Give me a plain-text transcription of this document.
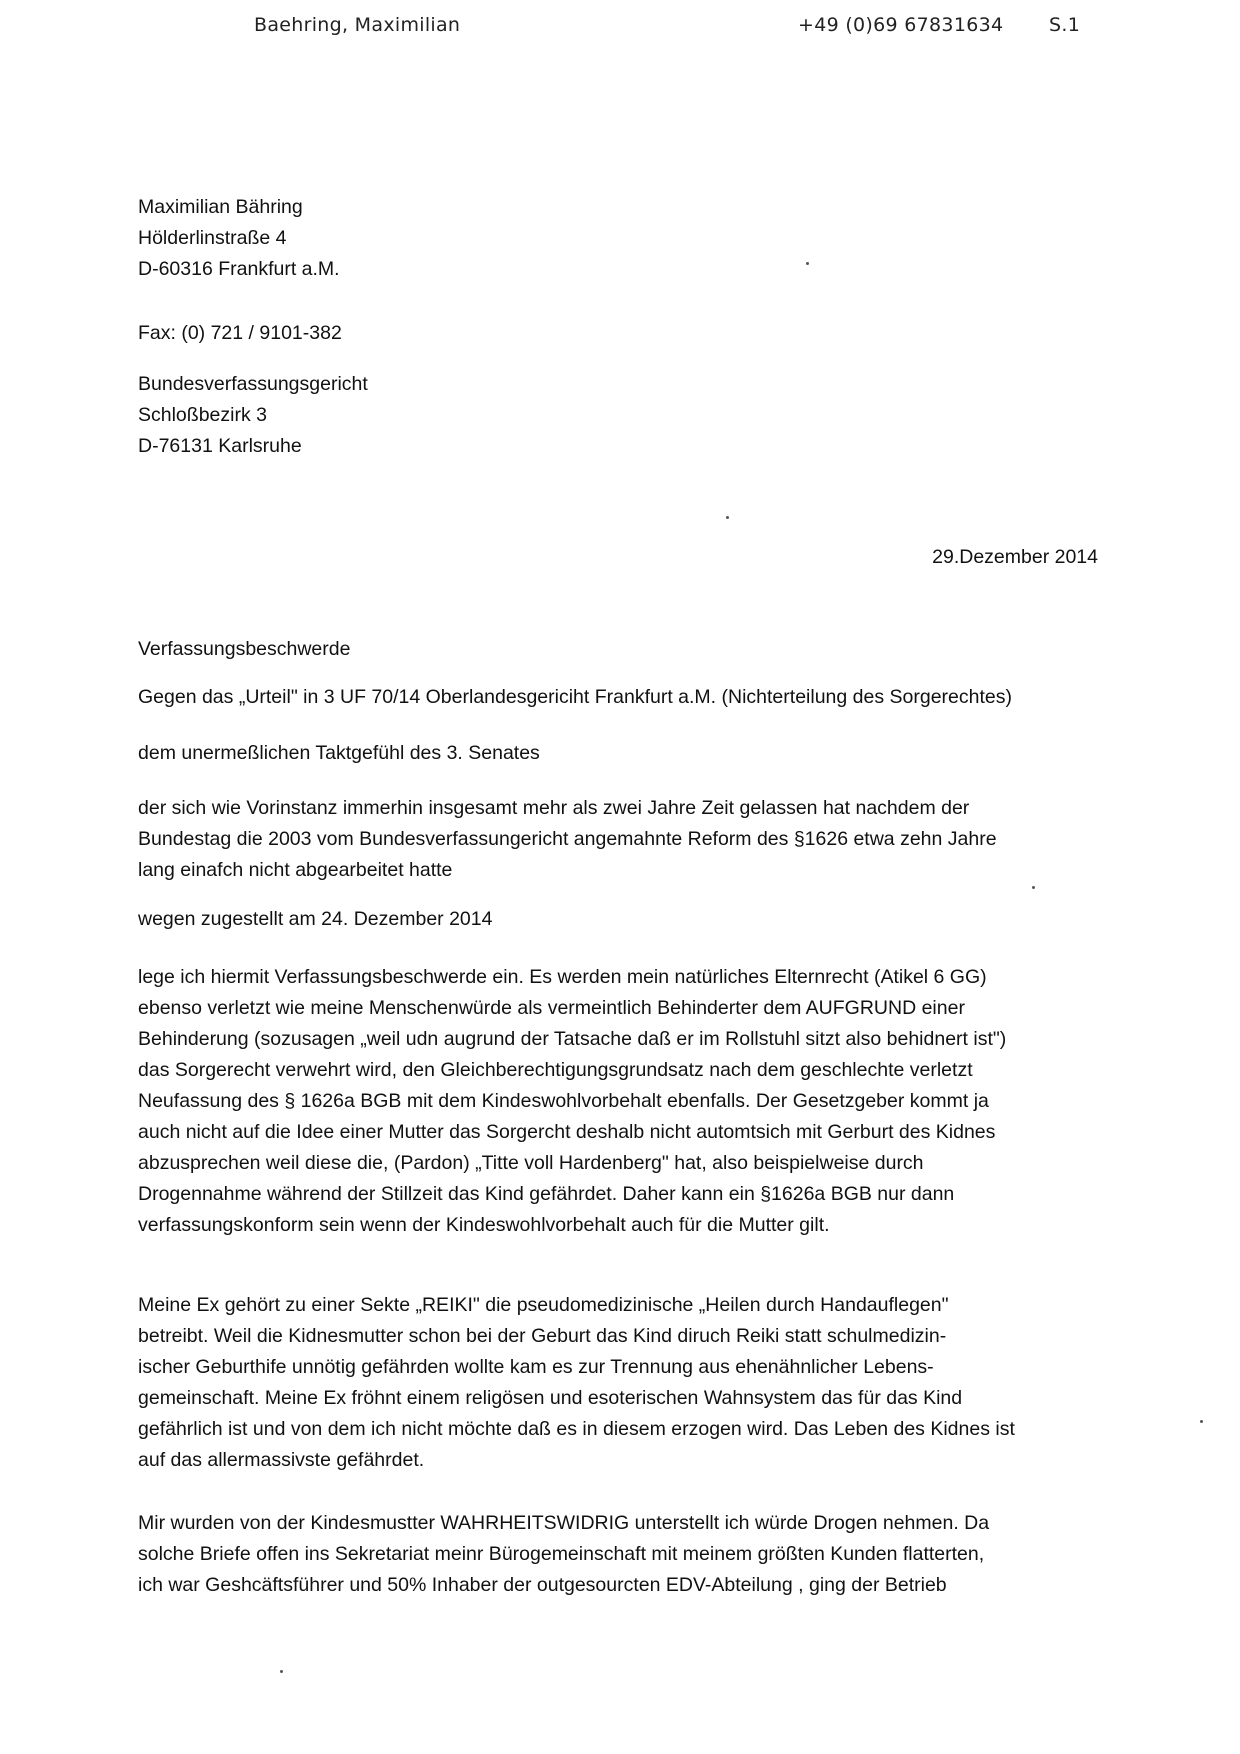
Baehring, Maximilian	+49 (0)69 67831634 S.1
Maximilian Bähring
Hölderlinstraße 4
D-60316 Frankfurt a.M.
Fax: (0) 721 / 9101-382
Bundesverfassungsgericht
Schloßbezirk 3
D-76131 Karlsruhe
29.Dezember 2014
Verfassungsbeschwerde
Gegen das „Urteil" in 3 UF 70/14 Oberlandesgericiht Frankfurt a.M. (Nichterteilung des Sorgerechtes)
dem unermeßlichen Taktgefühl des 3. Senates
der sich wie Vorinstanz immerhin insgesamt mehr als zwei Jahre Zeit gelassen hat nachdem der
Bundestag die 2003 vom Bundesverfassungericht angemahnte Reform des §1626 etwa zehn Jahre
lang einafch nicht abgearbeitet hatte
wegen zugestellt am 24. Dezember 2014
lege ich hiermit Verfassungsbeschwerde ein. Es werden mein natürliches Elternrecht (Atikel 6 GG)
ebenso verletzt wie meine Menschenwürde als vermeintlich Behinderter dem AUFGRUND einer
Behinderung (sozusagen „weil udn augrund der Tatsache daß er im Rollstuhl sitzt also behidnert ist")
das Sorgerecht verwehrt wird, den Gleichberechtigungsgrundsatz nach dem geschlechte verletzt
Neufassung des § 1626a BGB mit dem Kindeswohlvorbehalt ebenfalls. Der Gesetzgeber kommt ja
auch nicht auf die Idee einer Mutter das Sorgercht deshalb nicht automtsich mit Gerburt des Kidnes
abzusprechen weil diese die, (Pardon) „Titte voll Hardenberg" hat, also beispielweise durch
Drogennahme während der Stillzeit das Kind gefährdet. Daher kann ein §1626a BGB nur dann
verfassungskonform sein wenn der Kindeswohlvorbehalt auch für die Mutter gilt.
Meine Ex gehört zu einer Sekte „REIKI" die pseudomedizinische „Heilen durch Handauflegen"
betreibt. Weil die Kidnesmutter schon bei der Geburt das Kind diruch Reiki statt schulmedizin-
ischer Geburthife unnötig gefährden wollte kam es zur Trennung aus ehenähnlicher Lebens-
gemeinschaft. Meine Ex fröhnt einem religösen und esoterischen Wahnsystem das für das Kind
gefährlich ist und von dem ich nicht möchte daß es in diesem erzogen wird. Das Leben des Kidnes ist
auf das allermassivste gefährdet.
Mir wurden von der Kindesmustter WAHRHEITSWIDRIG unterstellt ich würde Drogen nehmen. Da
solche Briefe offen ins Sekretariat meinr Bürogemeinschaft mit meinem größten Kunden flatterten,
ich war Geshcäftsführer und 50% Inhaber der outgesourcten EDV-Abteilung , ging der Betrieb
